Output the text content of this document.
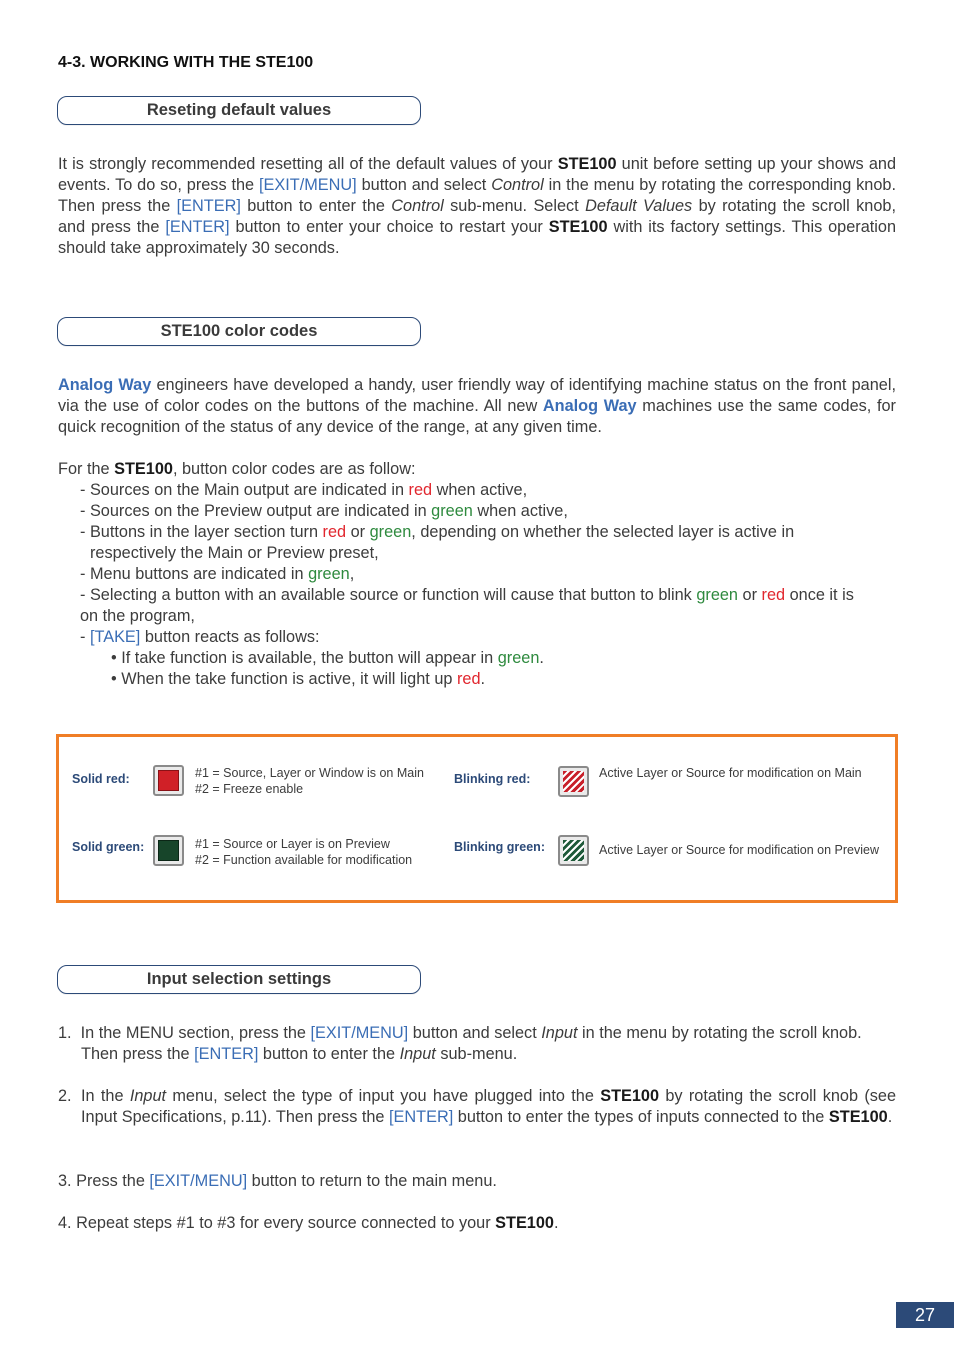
4-3. WORKING WITH THE STE100
Reseting default values
It is strongly recommended resetting all of the default values of your STE100 unit before setting up your shows and events. To do so, press the [EXIT/MENU] button and select Control in the menu by rotating the corresponding knob. Then press the [ENTER] button to enter the Control sub-menu. Select Default Values by rotating the scroll knob, and press the [ENTER] button to enter your choice to restart your STE100 with its factory settings. This operation should take approximately 30 seconds.
STE100 color codes
Analog Way engineers have developed a handy, user friendly way of identifying machine status on the front panel, via the use of color codes on the buttons of the machine. All new Analog Way machines use the same codes, for quick recognition of the status of any device of the range, at any given time.
For the STE100, button color codes are as follow:
- Sources on the Main output are indicated in red when active,
- Sources on the Preview output are indicated in green when active,
- Buttons in the layer section turn red or green, depending on whether the selected layer is active in
respectively the Main or Preview preset,
- Menu buttons are indicated in green,
- Selecting a button with an available source or function will cause that button to blink green or red once it is
on the program,
- [TAKE] button reacts as follows:
• If take function is available, the button will appear in green.
• When the take function is active, it will light up red.
Solid red:	#1 = Source, Layer or Window is on Main
#2 = Freeze enable
Blinking red:	Active Layer or Source for modification on Main
Solid green:	#1 = Source or Layer is on Preview
#2 = Function available for modification
Blinking green:	Active Layer or Source for modification on Preview
Input selection settings
1.  In the MENU section, press the [EXIT/MENU] button and select Input in the menu by rotating the scroll knob.
Then press the [ENTER] button to enter the Input sub-menu.
2. In the Input menu, select the type of input you have plugged into the STE100 by rotating the scroll knob (see Input Specifications, p.11). Then press the [ENTER] button to enter the types of inputs connected to the STE100.
3. Press the [EXIT/MENU] button to return to the main menu.
4. Repeat steps #1 to #3 for every source connected to your STE100.
27
